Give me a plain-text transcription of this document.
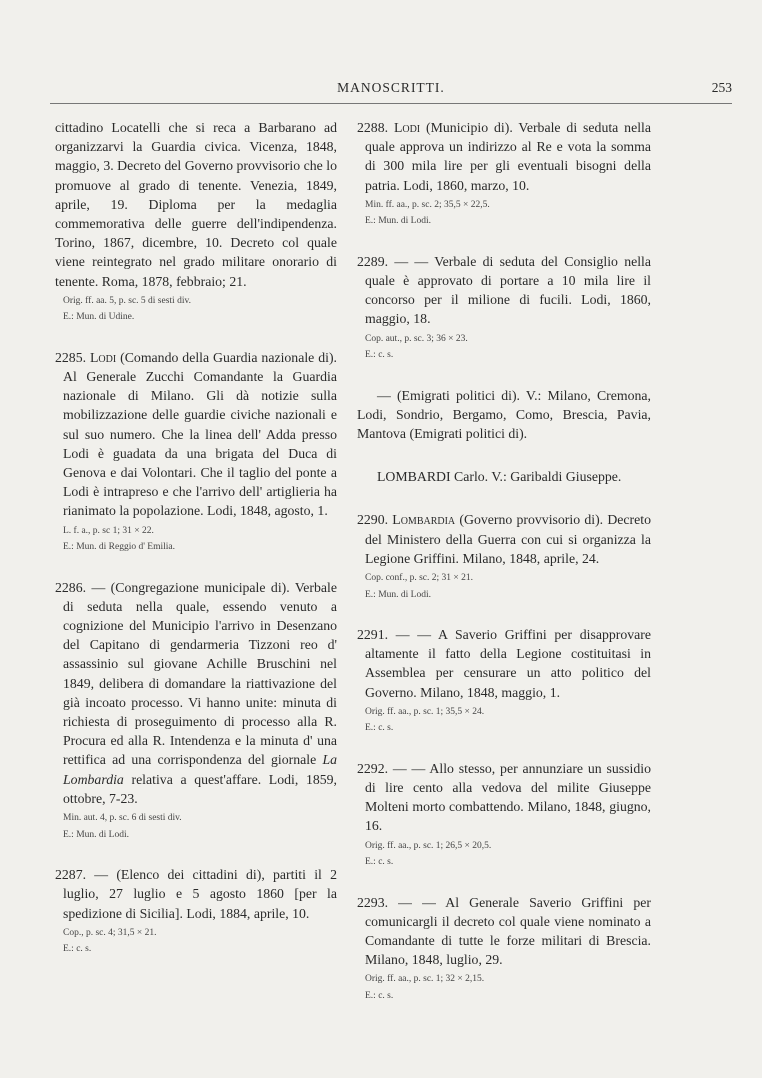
MANOSCRITTI.	253

cittadino Locatelli che si reca a Barbarano ad organizzarvi la Guardia civica. Vicenza, 1848, maggio, 3. Decreto del Governo provvisorio che lo promuove al grado di tenente. Venezia, 1849, aprile, 19. Diploma per la medaglia commemorativa delle guerre dell'indipendenza. Torino, 1867, dicembre, 10. Decreto col quale viene reintegrato nel grado militare onorario di tenente. Roma, 1878, febbraio; 21.

Orig. ff. aa. 5, p. sc. 5 di sesti div.
E.: Mun. di Udine.

2285. Lodi (Comando della Guardia nazionale di). Al Generale Zucchi Comandante la Guardia nazionale di Milano. Gli dà notizie sulla mobilizzazione delle guardie civiche nazionali e sul suo numero. Che la linea dell' Adda presso Lodi è guadata da una brigata del Duca di Genova e dai Volontari. Che il taglio del ponte a Lodi è intrapreso e che l'arrivo dell' artiglieria ha rianimato la popolazione. Lodi, 1848, agosto, 1.

L. f. a., p. sc 1; 31 × 22.
E.: Mun. di Reggio d' Emilia.

2286. — (Congregazione municipale di). Verbale di seduta nella quale, essendo venuto a cognizione del Municipio l'arrivo in Desenzano del Capitano di gendarmeria Tizzoni reo d' assassinio sul giovane Achille Bruschini nel 1849, delibera di domandare la riattivazione del già incoato processo. Vi hanno unite: minuta di richiesta di proseguimento di processo alla R. Procura ed alla R. Intendenza e la minuta d' una rettifica ad una corrispondenza del giornale La Lombardia relativa a quest'affare. Lodi, 1859, ottobre, 7-23.

Min. aut. 4, p. sc. 6 di sesti div.
E.: Mun. di Lodi.

2287. — (Elenco dei cittadini di), partiti il 2 luglio, 27 luglio e 5 agosto 1860 [per la spedizione di Sicilia]. Lodi, 1884, aprile, 10.

Cop., p. sc. 4; 31,5 × 21.
E.: c. s.

2288. Lodi (Municipio di). Verbale di seduta nella quale approva un indirizzo al Re e vota la somma di 300 mila lire per gli eventuali bisogni della patria. Lodi, 1860, marzo, 10.

Min. ff. aa., p. sc. 2; 35,5 × 22,5.
E.: Mun. di Lodi.

2289. — — Verbale di seduta del Consiglio nella quale è approvato di portare a 10 mila lire il concorso per il milione di fucili. Lodi, 1860, maggio, 18.

Cop. aut., p. sc. 3; 36 × 23.
E.: c. s.

— (Emigrati politici di). V.: Milano, Cremona, Lodi, Sondrio, Bergamo, Como, Brescia, Pavia, Mantova (Emigrati politici di).

LOMBARDI Carlo. V.: Garibaldi Giuseppe.

2290. Lombardia (Governo provvisorio di). Decreto del Ministero della Guerra con cui si organizza la Legione Griffini. Milano, 1848, aprile, 24.

Cop. conf., p. sc. 2; 31 × 21.
E.: Mun. di Lodi.

2291. — — A Saverio Griffini per disapprovare altamente il fatto della Legione costituitasi in Assemblea per censurare un atto politico del Governo. Milano, 1848, maggio, 1.

Orig. ff. aa., p. sc. 1; 35,5 × 24.
E.: c. s.

2292. — — Allo stesso, per annunziare un sussidio di lire cento alla vedova del milite Giuseppe Molteni morto combattendo. Milano, 1848, giugno, 16.

Orig. ff. aa., p. sc. 1; 26,5 × 20,5.
E.: c. s.

2293. — — Al Generale Saverio Griffini per comunicargli il decreto col quale viene nominato a Comandante di tutte le forze militari di Brescia. Milano, 1848, luglio, 29.

Orig. ff. aa., p. sc. 1; 32 × 2,15.
E.: c. s.
